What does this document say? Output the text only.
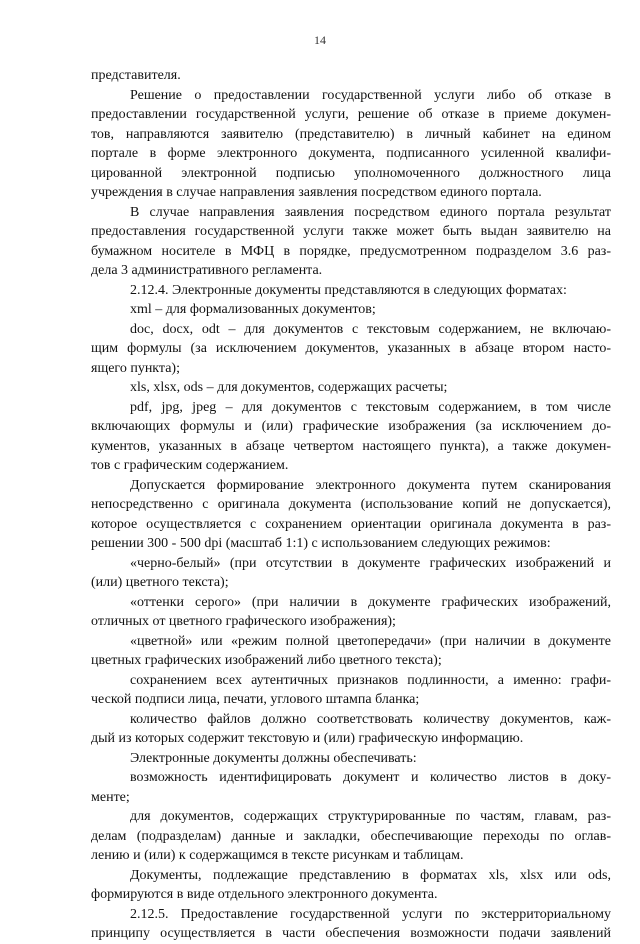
14

представителя.

Решение о предоставлении государственной услуги либо об отказе в

предоставлении государственной услуги, решение об отказе в приеме докумен-

тов, направляются заявителю (представителю) в личный кабинет на едином

портале в форме электронного документа, подписанного усиленной квалифи-

цированной электронной подписью уполномоченного должностного лица

учреждения в случае направления заявления посредством единого портала.

В случае направления заявления посредством единого портала результат

предоставления государственной услуги также может быть выдан заявителю на

бумажном носителе в МФЦ в порядке, предусмотренном подразделом 3.6 раз-

дела 3 административного регламента.

2.12.4. Электронные документы представляются в следующих форматах:

xml – для формализованных документов;

doc, docx, odt – для документов с текстовым содержанием, не включаю-

щим формулы (за исключением документов, указанных в абзаце втором насто-

ящего пункта);

xls, xlsx, ods – для документов, содержащих расчеты;

pdf, jpg, jpeg – для документов с текстовым содержанием, в том числе

включающих формулы и (или) графические изображения (за исключением до-

кументов, указанных в абзаце четвертом настоящего пункта), а также докумен-

тов с графическим содержанием.

Допускается формирование электронного документа путем сканирования

непосредственно с оригинала документа (использование копий не допускается),

которое осуществляется с сохранением ориентации оригинала документа в раз-

решении 300 - 500 dpi (масштаб 1:1) с использованием следующих режимов:

«черно-белый» (при отсутствии в документе графических изображений и

(или) цветного текста);

«оттенки серого» (при наличии в документе графических изображений,

отличных от цветного графического изображения);

«цветной» или «режим полной цветопередачи» (при наличии в документе

цветных графических изображений либо цветного текста);

сохранением всех аутентичных признаков подлинности, а именно: графи-

ческой подписи лица, печати, углового штампа бланка;

количество файлов должно соответствовать количеству документов, каж-

дый из которых содержит текстовую и (или) графическую информацию.

Электронные документы должны обеспечивать:

возможность идентифицировать документ и количество листов в доку-

менте;

для документов, содержащих структурированные по частям, главам, раз-

делам (подразделам) данные и закладки, обеспечивающие переходы по оглав-

лению и (или) к содержащимся в тексте рисункам и таблицам.

Документы, подлежащие представлению в форматах xls, xlsx или ods,

формируются в виде отдельного электронного документа.

2.12.5. Предоставление государственной услуги по экстерриториальному

принципу осуществляется в части обеспечения возможности подачи заявлений
